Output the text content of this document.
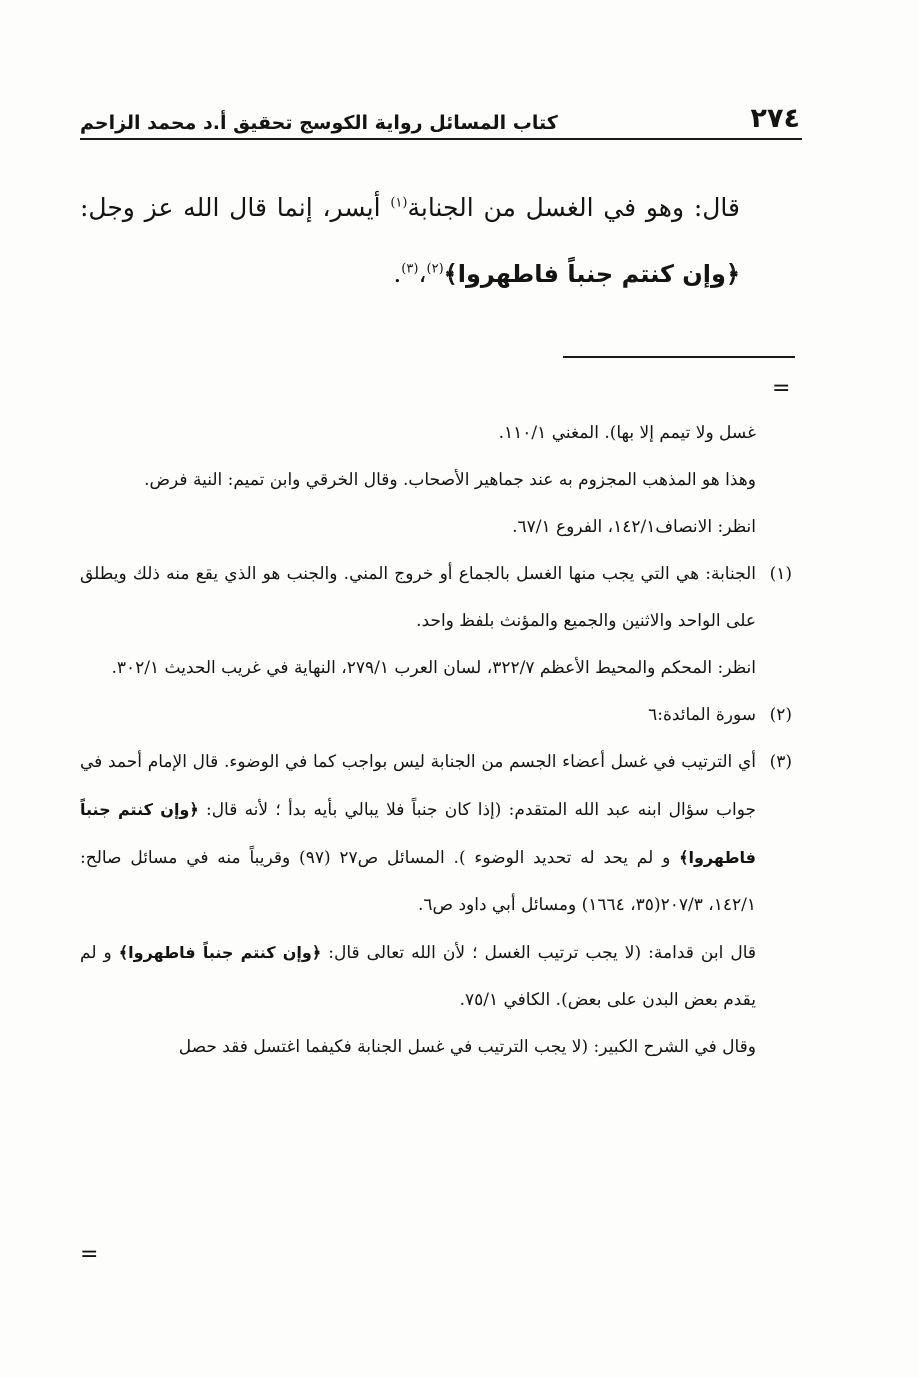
٢٧٤
كتاب المسائل رواية الكوسج تحقيق أ.د محمد الزاحم

قال: وهو في الغسل من الجنابة$^{(١)}$ أيسر، إنما قال الله عز وجل: ﴿وإن كنتم جنباً فاطهروا﴾$^{(٢)}$،$^{(٣)}$.

=

غسل ولا تيمم إلا بها). المغني ١١٠/١.

وهذا هو المذهب المجزوم به عند جماهير الأصحاب. وقال الخرقي وابن تميم: النية فرض.

انظر: الانصاف١٤٢/١، الفروع ٦٧/١.

(١)

الجنابة: هي التي يجب منها الغسل بالجماع أو خروج المني. والجنب هو الذي يقع منه ذلك ويطلق على الواحد والاثنين والجميع والمؤنث بلفظ واحد.

انظر: المحكم والمحيط الأعظم ٣٢٢/٧، لسان العرب ٢٧٩/١، النهاية في غريب الحديث ٣٠٢/١.

(٢)

سورة المائدة:٦

(٣)

أي الترتيب في غسل أعضاء الجسم من الجنابة ليس بواجب كما في الوضوء. قال الإمام أحمد في جواب سؤال ابنه عبد الله المتقدم: (إذا كان جنباً فلا يبالي بأيه بدأ ؛ لأنه قال: ﴿وإن كنتم جنباً فاطهروا﴾ و لم يحد له تحديد الوضوء ). المسائل ص٢٧ (٩٧) وقريباً منه في مسائل صالح: ١٤٢/١، ٢٠٧/٣(٣٥، ١٦٦٤) ومسائل أبي داود ص٦.

قال ابن قدامة: (لا يجب ترتيب الغسل ؛ لأن الله تعالى قال: ﴿وإن كنتم جنباً فاطهروا﴾ و لم يقدم بعض البدن على بعض). الكافي ٧٥/١.

وقال في الشرح الكبير: (لا يجب الترتيب في غسل الجنابة فكيفما اغتسل فقد حصل

=
